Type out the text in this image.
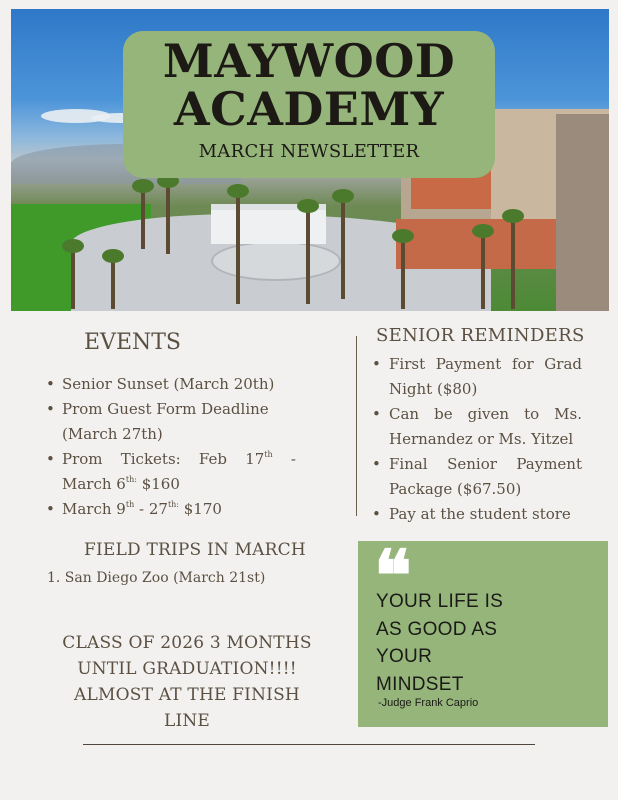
MAYWOOD
ACADEMY
MARCH NEWSLETTER
EVENTS
• Senior Sunset (March 20th)
• Prom Guest Form Deadline (March 27th)
• Prom Tickets: Feb 17th - March $6^{th:}$ $160
• March $9th - 27^{th:}$ $170
SENIOR REMINDERS
• First Payment for Grad Night ($80)
• Can be given to Ms. Hernandez or Ms. Yitzel
• Final Senior Payment Package ($67.50)
• Pay at the student store
FIELD TRIPS IN MARCH
1. San Diego Zoo (March 21st)
CLASS OF 2026 3 MONTHS
UNTIL GRADUATION!!!!
ALMOST AT THE FINISH
LINE
❝
YOUR LIFE IS
AS GOOD AS
YOUR
MINDSET
-Judge Frank Caprio
